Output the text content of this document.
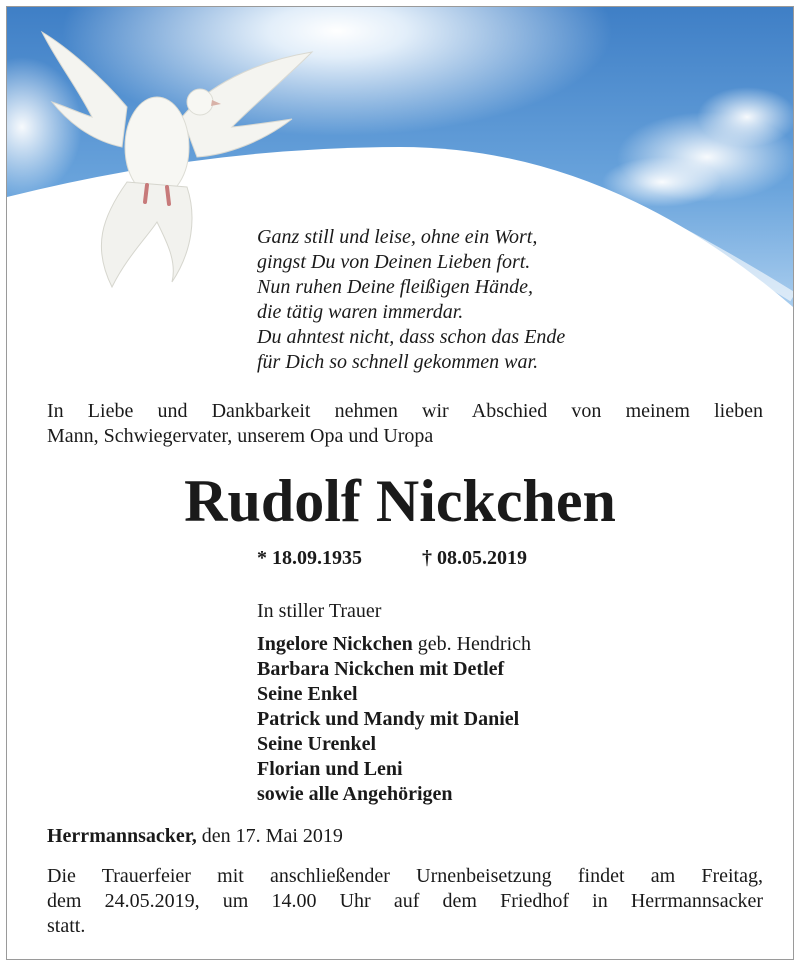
Ganz still und leise, ohne ein Wort,
gingst Du von Deinen Lieben fort.
Nun ruhen Deine fleißigen Hände,
die tätig waren immerdar.
Du ahntest nicht, dass schon das Ende
für Dich so schnell gekommen war.
In Liebe und Dankbarkeit nehmen wir Abschied von meinem lieben
Mann, Schwiegervater, unserem Opa und Uropa
Rudolf Nickchen
* 18.09.1935	† 08.05.2019
In stiller Trauer
Ingelore Nickchen geb. Hendrich
Barbara Nickchen mit Detlef
Seine Enkel
Patrick und Mandy mit Daniel
Seine Urenkel
Florian und Leni
sowie alle Angehörigen
Herrmannsacker, den 17. Mai 2019
Die Trauerfeier mit anschließender Urnenbeisetzung findet am Freitag,
dem 24.05.2019, um 14.00 Uhr auf dem Friedhof in Herrmannsacker
statt.
